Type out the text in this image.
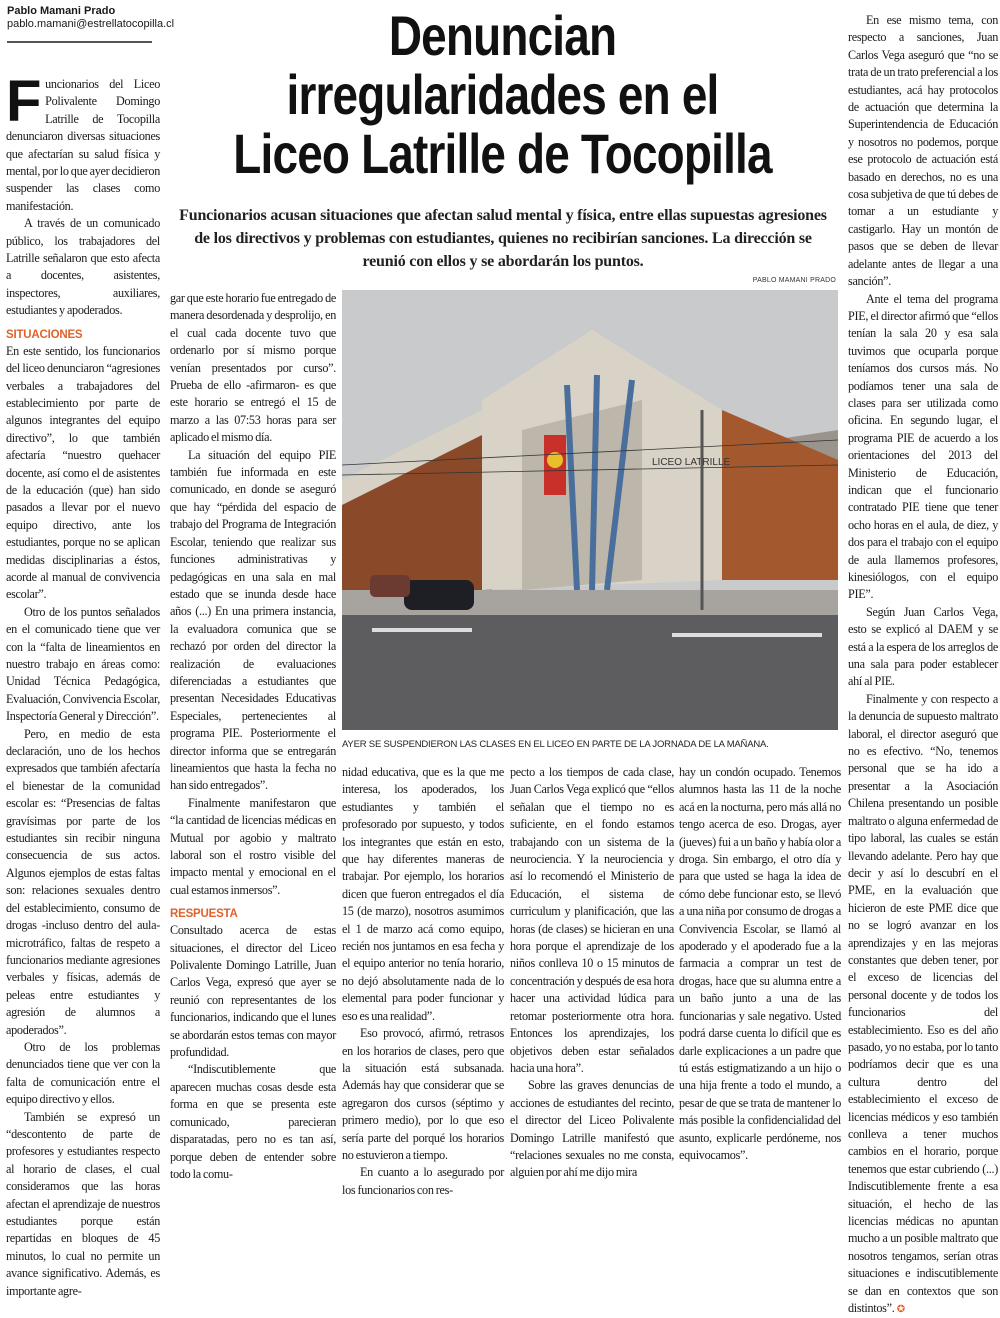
Pablo Mamani Prado
pablo.mamani@estrellatocopilla.cl	Denuncian
irregularidades en el
Liceo Latrille de Tocopilla
Funcionarios acusan situaciones que afectan salud mental y física, entre ellas supuestas agresiones de los directivos y problemas con estudiantes, quienes no recibirían sanciones. La dirección se reunió con ellos y se abordarán los puntos.
PABLO MAMANI PRADO
LICEO LATRILLE
AYER SE SUSPENDIERON LAS CLASES EN EL LICEO EN PARTE DE LA JORNADA DE LA MAÑANA.

Funcionarios del Liceo Polivalente Domingo Latrille de Tocopilla denunciaron diversas situaciones que afectarían su salud física y mental, por lo que ayer decidieron suspender las clases como manifestación.

A través de un comunicado público, los trabajadores del Latrille señalaron que esto afecta a docentes, asistentes, inspectores, auxiliares, estudiantes y apoderados.

SITUACIONES

En este sentido, los funcionarios del liceo denunciaron “agresiones verbales a trabajadores del establecimiento por parte de algunos integrantes del equipo directivo”, lo que también afectaría “nuestro quehacer docente, así como el de asistentes de la educación (que) han sido pasados a llevar por el nuevo equipo directivo, ante los estudiantes, porque no se aplican medidas disciplinarias a éstos, acorde al manual de convivencia escolar”.

Otro de los puntos señalados en el comunicado tiene que ver con la “falta de lineamientos en nuestro trabajo en áreas como: Unidad Técnica Pedagógica, Evaluación, Convivencia Escolar, Inspectoría General y Dirección”.

Pero, en medio de esta declaración, uno de los hechos expresados que también afectaría el bienestar de la comunidad escolar es: “Presencias de faltas gravísimas por parte de los estudiantes sin recibir ninguna consecuencia de sus actos. Algunos ejemplos de estas faltas son: relaciones sexuales dentro del establecimiento, consumo de drogas -incluso dentro del aula- microtráfico, faltas de respeto a funcionarios mediante agresiones verbales y físicas, además de peleas entre estudiantes y agresión de alumnos a apoderados”.

Otro de los problemas denunciados tiene que ver con la falta de comunicación entre el equipo directivo y ellos.

También se expresó un “descontento de parte de profesores y estudiantes respecto al horario de clases, el cual consideramos que las horas afectan el aprendizaje de nuestros estudiantes porque están repartidas en bloques de 45 minutos, lo cual no permite un avance significativo. Además, es importante agre-

gar que este horario fue entregado de manera desordenada y desprolijo, en el cual cada docente tuvo que ordenarlo por sí mismo porque venían presentados por curso”. Prueba de ello -afirmaron- es que este horario se entregó el 15 de marzo a las 07:53 horas para ser aplicado el mismo día.

La situación del equipo PIE también fue informada en este comunicado, en donde se aseguró que hay “pérdida del espacio de trabajo del Programa de Integración Escolar, teniendo que realizar sus funciones administrativas y pedagógicas en una sala en mal estado que se inunda desde hace años (...) En una primera instancia, la evaluadora comunica que se rechazó por orden del director la realización de evaluaciones diferenciadas a estudiantes que presentan Necesidades Educativas Especiales, pertenecientes al programa PIE. Posteriormente el director informa que se entregarán lineamientos que hasta la fecha no han sido entregados”.

Finalmente manifestaron que “la cantidad de licencias médicas en Mutual por agobio y maltrato laboral son el rostro visible del impacto mental y emocional en el cual estamos inmersos”.

RESPUESTA

Consultado acerca de estas situaciones, el director del Liceo Polivalente Domingo Latrille, Juan Carlos Vega, expresó que ayer se reunió con representantes de los funcionarios, indicando que el lunes se abordarán estos temas con mayor profundidad.

“Indiscutiblemente que aparecen muchas cosas desde esta forma en que se presenta este comunicado, parecieran disparatadas, pero no es tan así, porque deben de entender sobre todo la comu-

nidad educativa, que es la que me interesa, los apoderados, los estudiantes y también el profesorado por supuesto, y todos los integrantes que están en esto, que hay diferentes maneras de trabajar. Por ejemplo, los horarios dicen que fueron entregados el día 15 (de marzo), nosotros asumimos el 1 de marzo acá como equipo, recién nos juntamos en esa fecha y el equipo anterior no tenía horario, no dejó absolutamente nada de lo elemental para poder funcionar y eso es una realidad”.

Eso provocó, afirmó, retrasos en los horarios de clases, pero que la situación está subsanada. Además hay que considerar que se agregaron dos cursos (séptimo y primero medio), por lo que eso sería parte del porqué los horarios no estuvieron a tiempo.

En cuanto a lo asegurado por los funcionarios con res-

pecto a los tiempos de cada clase, Juan Carlos Vega explicó que “ellos señalan que el tiempo no es suficiente, en el fondo estamos trabajando con un sistema de la neurociencia. Y la neurociencia y así lo recomendó el Ministerio de Educación, el sistema de curriculum y planificación, que las horas (de clases) se hicieran en una hora porque el aprendizaje de los niños conlleva 10 o 15 minutos de concentración y después de esa hora hacer una actividad lúdica para retomar posteriormente otra hora. Entonces los aprendizajes, los objetivos deben estar señalados hacia una hora”.

Sobre las graves denuncias de acciones de estudiantes del recinto, el director del Liceo Polivalente Domingo Latrille manifestó que “relaciones sexuales no me consta, alguien por ahí me dijo mira

hay un condón ocupado. Tenemos alumnos hasta las 11 de la noche acá en la nocturna, pero más allá no tengo acerca de eso. Drogas, ayer (jueves) fui a un baño y había olor a droga. Sin embargo, el otro día y para que usted se haga la idea de cómo debe funcionar esto, se llevó a una niña por consumo de drogas a Convivencia Escolar, se llamó al apoderado y el apoderado fue a la farmacia a comprar un test de drogas, hace que su alumna entre a un baño junto a una de las funcionarias y sale negativo. Usted podrá darse cuenta lo difícil que es darle explicaciones a un padre que tú estás estigmatizando a un hijo o una hija frente a todo el mundo, a pesar de que se trata de mantener lo más posible la confidencialidad del asunto, explicarle perdóneme, nos equivocamos”.

En ese mismo tema, con respecto a sanciones, Juan Carlos Vega aseguró que “no se trata de un trato preferencial a los estudiantes, acá hay protocolos de actuación que determina la Superintendencia de Educación y nosotros no podemos, porque ese protocolo de actuación está basado en derechos, no es una cosa subjetiva de que tú debes de tomar a un estudiante y castigarlo. Hay un montón de pasos que se deben de llevar adelante antes de llegar a una sanción”.

Ante el tema del programa PIE, el director afirmó que “ellos tenían la sala 20 y esa sala tuvimos que ocuparla porque teníamos dos cursos más. No podíamos tener una sala de clases para ser utilizada como oficina. En segundo lugar, el programa PIE de acuerdo a los orientaciones del 2013 del Ministerio de Educación, indican que el funcionario contratado PIE tiene que tener ocho horas en el aula, de diez, y dos para el trabajo con el equipo de aula llamemos profesores, kinesiólogos, con el equipo PIE”.

Según Juan Carlos Vega, esto se explicó al DAEM y se está a la espera de los arreglos de una sala para poder establecer ahí al PIE.

Finalmente y con respecto a la denuncia de supuesto maltrato laboral, el director aseguró que no es efectivo. “No, tenemos personal que se ha ido a presentar a la Asociación Chilena presentando un posible maltrato o alguna enfermedad de tipo laboral, las cuales se están llevando adelante. Pero hay que decir y así lo descubrí en el PME, en la evaluación que hicieron de este PME dice que no se logró avanzar en los aprendizajes y en las mejoras constantes que deben tener, por el exceso de licencias del personal docente y de todos los funcionarios del establecimiento. Eso es del año pasado, yo no estaba, por lo tanto podríamos decir que es una cultura dentro del establecimiento el exceso de licencias médicos y eso también conlleva a tener muchos cambios en el horario, porque tenemos que estar cubriendo (...) Indiscutiblemente frente a esa situación, el hecho de las licencias médicas no apuntan mucho a un posible maltrato que nosotros tengamos, serían otras situaciones e indiscutiblemente se dan en contextos que son distintos”. ✪
